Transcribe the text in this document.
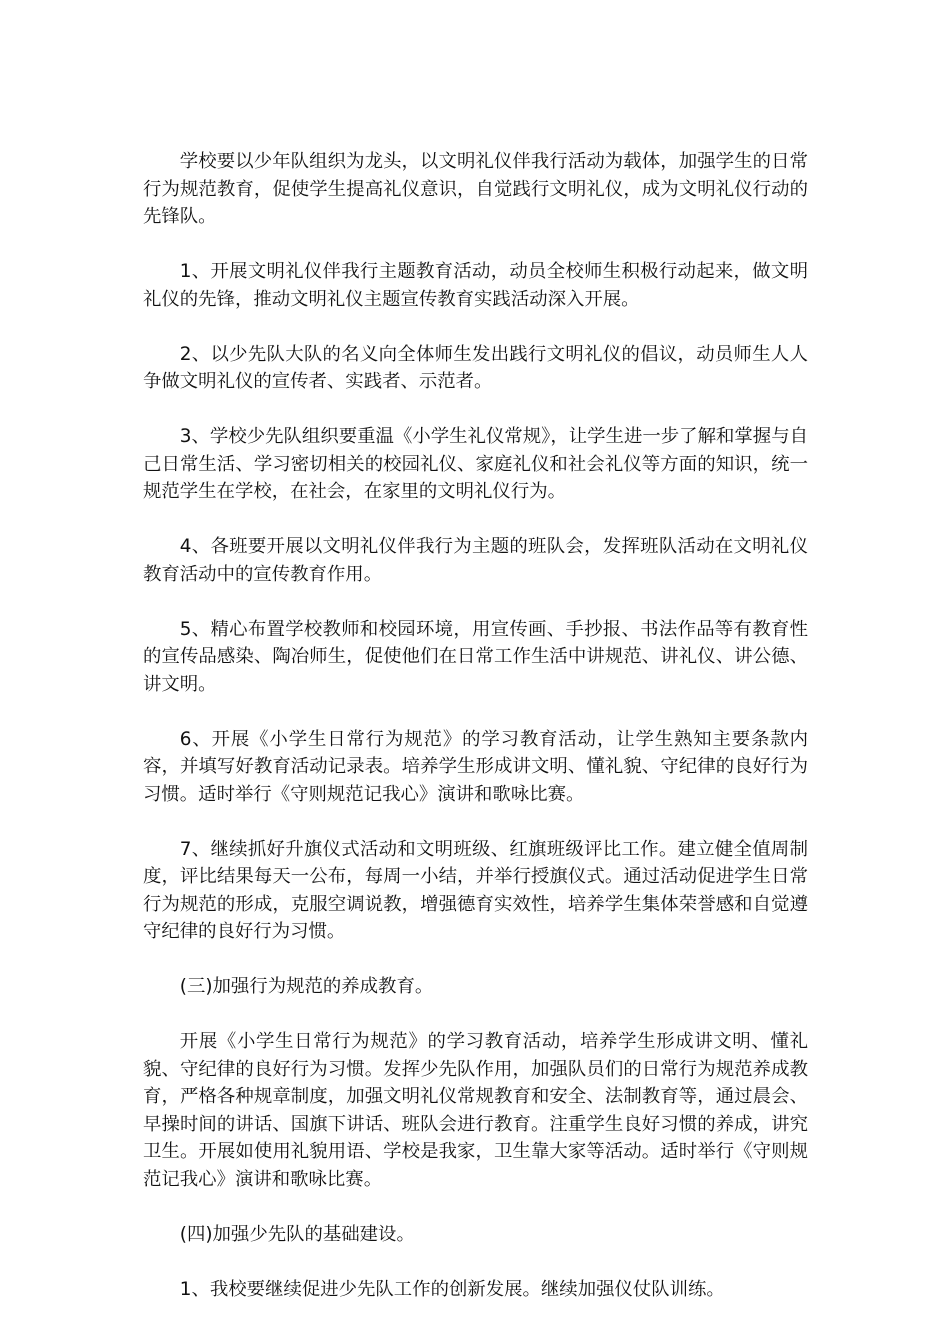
学校要以少年队组织为龙头，以文明礼仪伴我行活动为载体，加强学生的日常行为规范教育，促使学生提高礼仪意识，自觉践行文明礼仪，成为文明礼仪行动的先锋队。

1、开展文明礼仪伴我行主题教育活动，动员全校师生积极行动起来，做文明礼仪的先锋，推动文明礼仪主题宣传教育实践活动深入开展。

2、以少先队大队的名义向全体师生发出践行文明礼仪的倡议，动员师生人人争做文明礼仪的宣传者、实践者、示范者。

3、学校少先队组织要重温《小学生礼仪常规》，让学生进一步了解和掌握与自己日常生活、学习密切相关的校园礼仪、家庭礼仪和社会礼仪等方面的知识，统一规范学生在学校，在社会，在家里的文明礼仪行为。

4、各班要开展以文明礼仪伴我行为主题的班队会，发挥班队活动在文明礼仪教育活动中的宣传教育作用。

5、精心布置学校教师和校园环境，用宣传画、手抄报、书法作品等有教育性的宣传品感染、陶冶师生，促使他们在日常工作生活中讲规范、讲礼仪、讲公德、讲文明。

6、开展《小学生日常行为规范》的学习教育活动，让学生熟知主要条款内容，并填写好教育活动记录表。培养学生形成讲文明、懂礼貌、守纪律的良好行为习惯。适时举行《守则规范记我心》演讲和歌咏比赛。

7、继续抓好升旗仪式活动和文明班级、红旗班级评比工作。建立健全值周制度，评比结果每天一公布，每周一小结，并举行授旗仪式。通过活动促进学生日常行为规范的形成，克服空调说教，增强德育实效性，培养学生集体荣誉感和自觉遵守纪律的良好行为习惯。

(三)加强行为规范的养成教育。

开展《小学生日常行为规范》的学习教育活动，培养学生形成讲文明、懂礼貌、守纪律的良好行为习惯。发挥少先队作用，加强队员们的日常行为规范养成教育，严格各种规章制度，加强文明礼仪常规教育和安全、法制教育等，通过晨会、早操时间的讲话、国旗下讲话、班队会进行教育。注重学生良好习惯的养成，讲究卫生。开展如使用礼貌用语、学校是我家，卫生靠大家等活动。适时举行《守则规范记我心》演讲和歌咏比赛。

(四)加强少先队的基础建设。

1、我校要继续促进少先队工作的创新发展。继续加强仪仗队训练。
